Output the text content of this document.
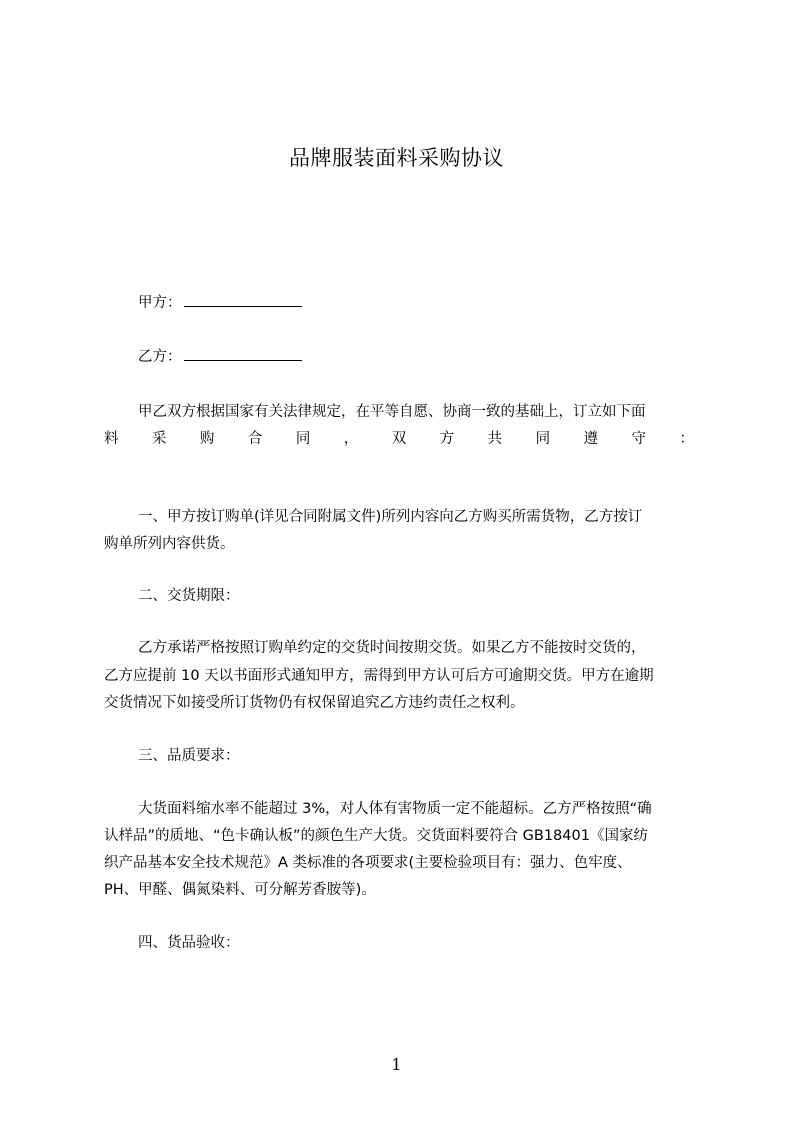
品牌服装面料采购协议
甲方：
乙方：
甲乙双方根据国家有关法律规定，在平等自愿、协商一致的基础上，订立如下面
料 采 购 合 同 ， 双 方 共 同 遵 守 ：
一、甲方按订购单(详见合同附属文件)所列内容向乙方购买所需货物，乙方按订
购单所列内容供货。
二、交货期限：
乙方承诺严格按照订购单约定的交货时间按期交货。如果乙方不能按时交货的，
乙方应提前 10 天以书面形式通知甲方，需得到甲方认可后方可逾期交货。甲方在逾期
交货情况下如接受所订货物仍有权保留追究乙方违约责任之权利。
三、品质要求：
大货面料缩水率不能超过 3%，对人体有害物质一定不能超标。乙方严格按照“确
认样品”的质地、“色卡确认板”的颜色生产大货。交货面料要符合 GB18401《国家纺
织产品基本安全技术规范》A 类标准的各项要求(主要检验项目有：强力、色牢度、
PH、甲醛、偶氮染料、可分解芳香胺等)。
四、货品验收：
1
